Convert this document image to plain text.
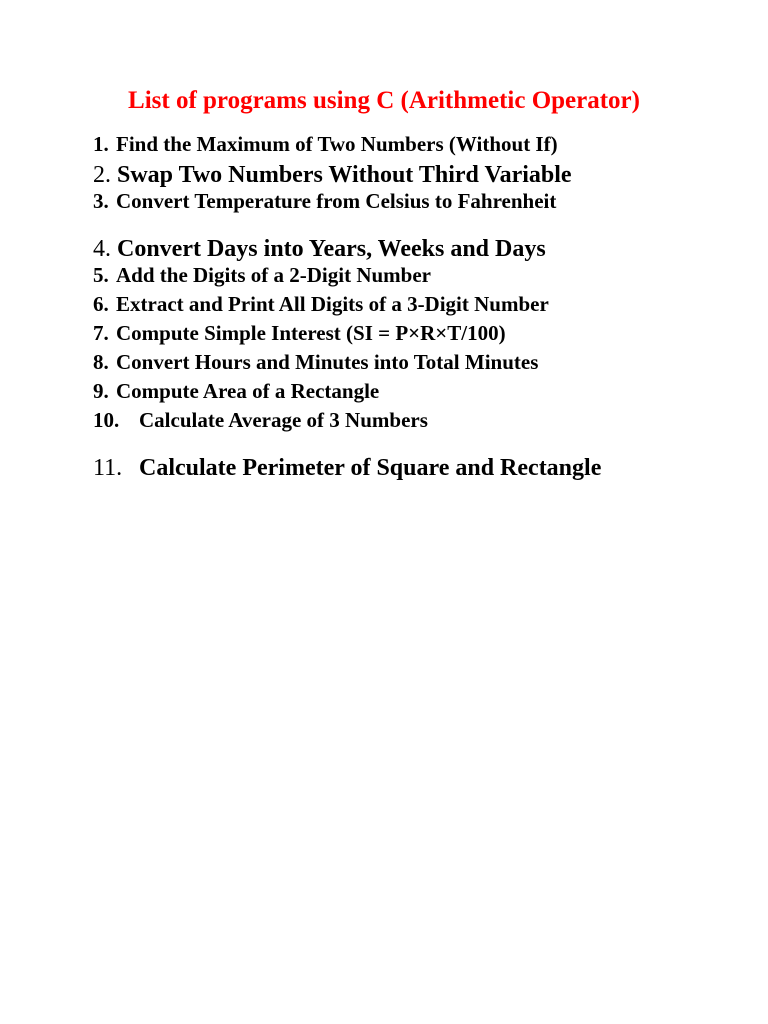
List of programs using C (Arithmetic Operator)
1. Find the Maximum of Two Numbers (Without If)
2. Swap Two Numbers Without Third Variable
3. Convert Temperature from Celsius to Fahrenheit
4. Convert Days into Years, Weeks and Days
5. Add the Digits of a 2-Digit Number
6. Extract and Print All Digits of a 3-Digit Number
7. Compute Simple Interest (SI = P×R×T/100)
8. Convert Hours and Minutes into Total Minutes
9. Compute Area of a Rectangle
10. Calculate Average of 3 Numbers
11. Calculate Perimeter of Square and Rectangle
